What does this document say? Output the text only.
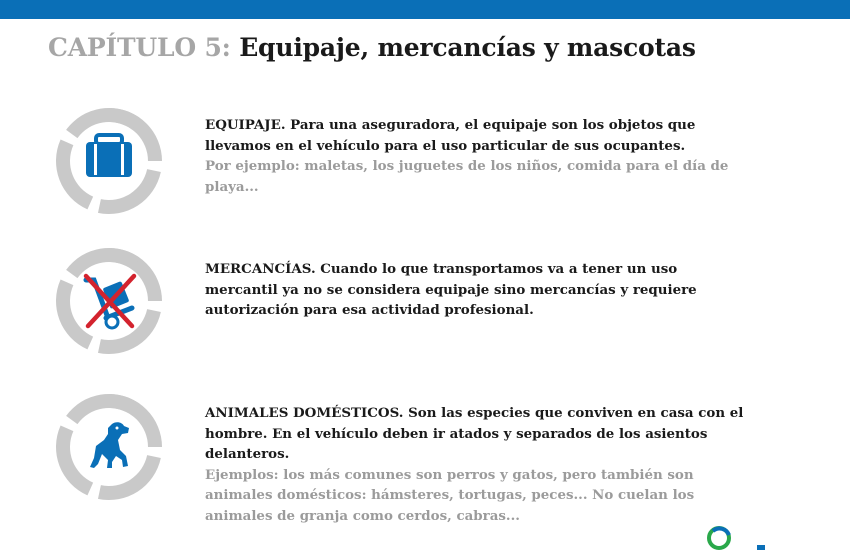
CAPÍTULO 5: Equipaje, mercancías y mascotas

EQUIPAJE. Para una aseguradora, el equipaje son los objetos que llevamos en el vehículo para el uso particular de sus ocupantes.

Por ejemplo: maletas, los juguetes de los niños, comida para el día de playa...

MERCANCÍAS. Cuando lo que transportamos va a tener un uso mercantil ya no se considera equipaje sino mercancías y requiere autorización para esa actividad profesional.

ANIMALES DOMÉSTICOS. Son las especies que conviven en casa con el hombre. En el vehículo deben ir atados y separados de los asientos delanteros.

Ejemplos: los más comunes son perros y gatos, pero también son animales domésticos: hámsteres, tortugas, peces... No cuelan los animales de granja como cerdos, cabras...
